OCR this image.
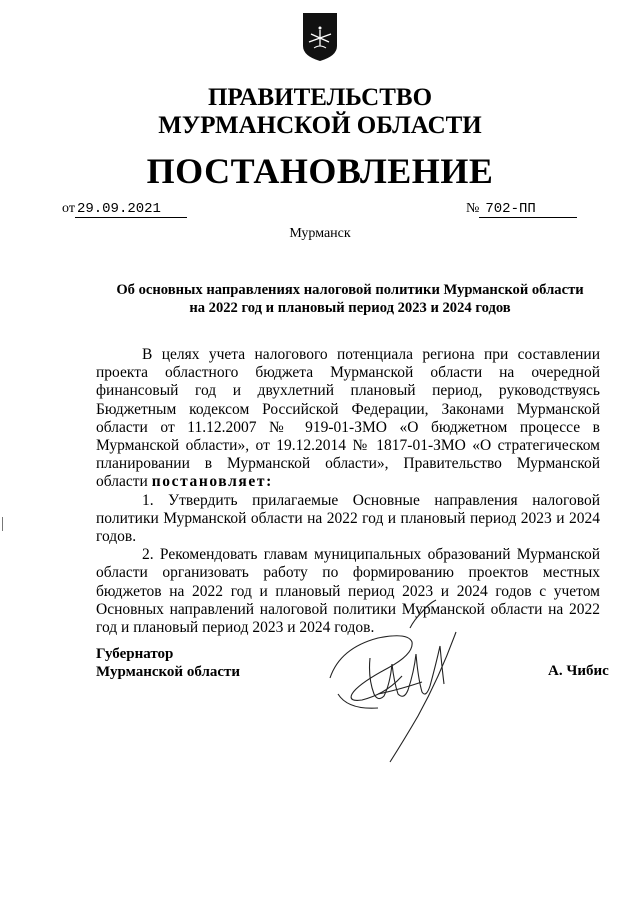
ПРАВИТЕЛЬСТВО
МУРМАНСКОЙ ОБЛАСТИ
ПОСТАНОВЛЕНИЕ
от 29.09.2021	№ 702-ПП
Мурманск
Об основных направлениях налоговой политики Мурманской области
на 2022 год и плановый период 2023 и 2024 годов

В целях учета налогового потенциала региона при составлении проекта областного бюджета Мурманской области на очередной финансовый год и двухлетний плановый период, руководствуясь Бюджетным кодексом Российской Федерации, Законами Мурманской области от 11.12.2007 № 919-01-ЗМО «О бюджетном процессе в Мурманской области», от 19.12.2014 № 1817-01-ЗМО «О стратегическом планировании в Мурманской области», Правительство Мурманской области постановляет:

1. Утвердить прилагаемые Основные направления налоговой политики Мурманской области на 2022 год и плановый период 2023 и 2024 годов.

2. Рекомендовать главам муниципальных образований Мурманской области организовать работу по формированию проектов местных бюджетов на 2022 год и плановый период 2023 и 2024 годов с учетом Основных направлений налоговой политики Мурманской области на 2022 год и плановый период 2023 и 2024 годов.

Губернатор
Мурманской области	А. Чибис
